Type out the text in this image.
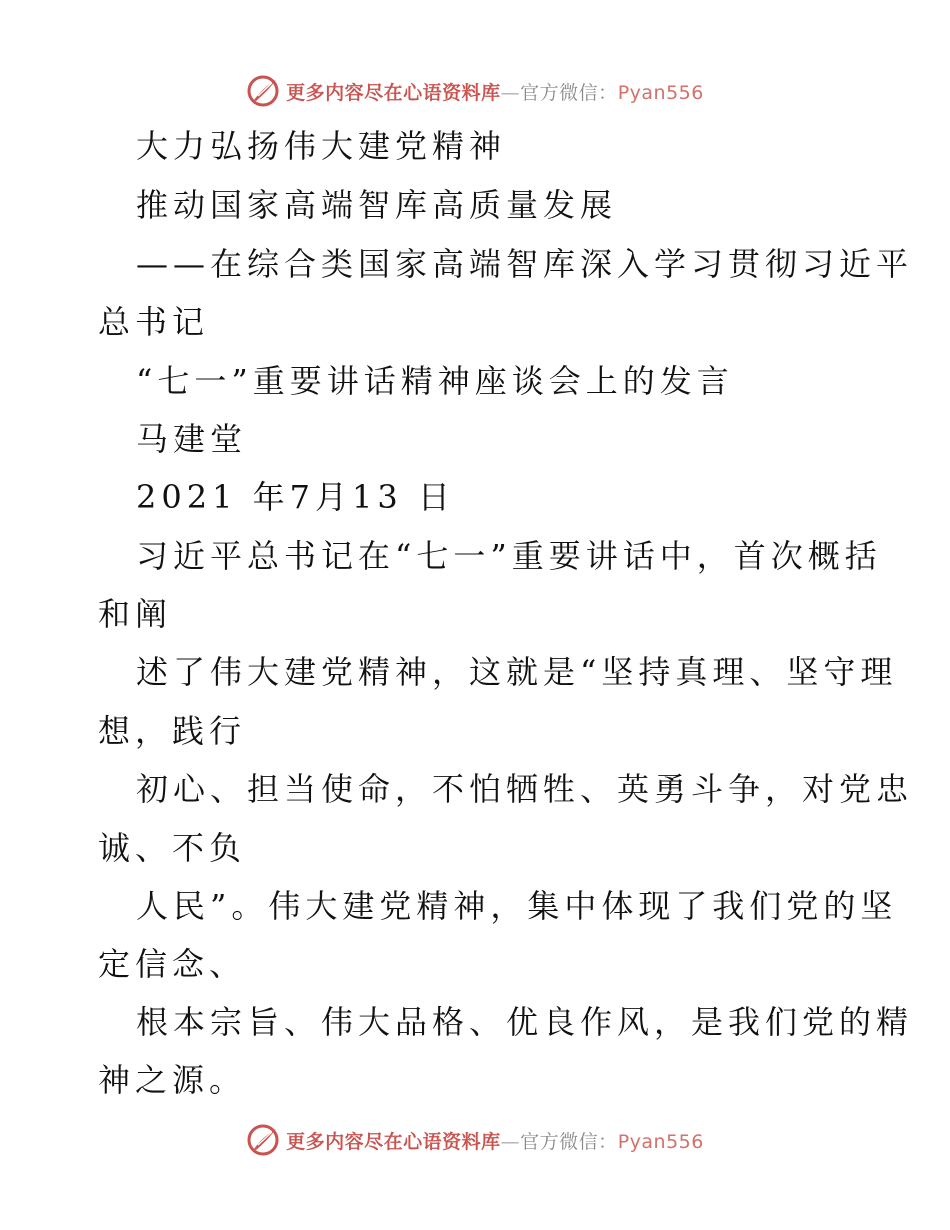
更多内容尽在心语资料库—官方微信：Pyan556
大力弘扬伟大建党精神
推动国家高端智库高质量发展
——在综合类国家高端智库深入学习贯彻习近平
总书记
“七一”重要讲话精神座谈会上的发言
马建堂
2021 年7月13 日
习近平总书记在“七一”重要讲话中，首次概括
和阐
述了伟大建党精神，这就是“坚持真理、坚守理
想，践行
初心、担当使命，不怕牺牲、英勇斗争，对党忠
诚、不负
人民”。伟大建党精神，集中体现了我们党的坚
定信念、
根本宗旨、伟大品格、优良作风，是我们党的精
神之源。
更多内容尽在心语资料库—官方微信：Pyan556
